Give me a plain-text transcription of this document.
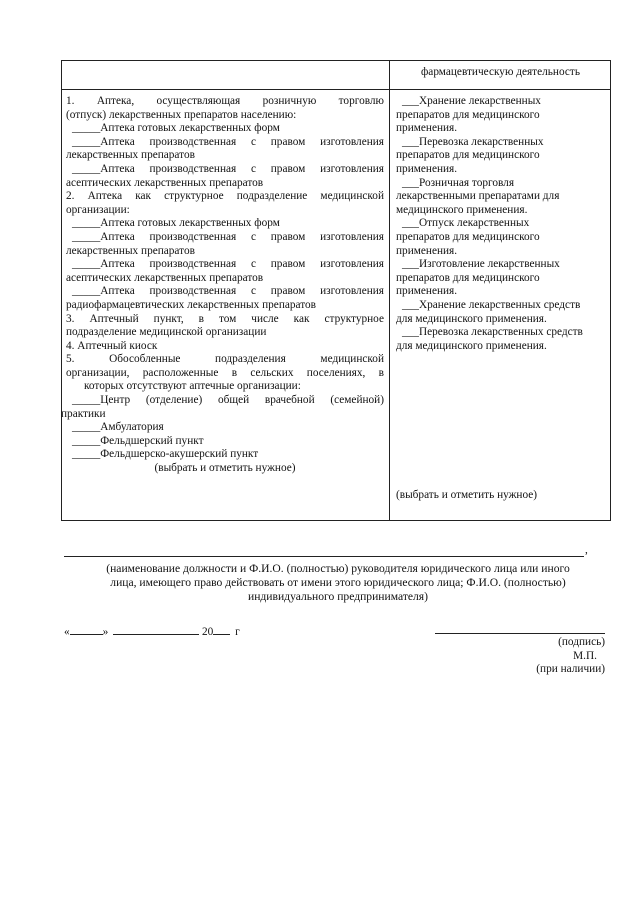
фармацевтическую деятельность
1. Аптека, осуществляющая розничную торговлю
(отпуск) лекарственных препаратов населению:
_____Аптека готовых лекарственных форм
_____Аптека производственная с правом изготовления
лекарственных препаратов
_____Аптека производственная с правом изготовления
асептических лекарственных препаратов
2. Аптека как структурное подразделение медицинской
организации:
_____Аптека готовых лекарственных форм
_____Аптека производственная с правом изготовления
лекарственных препаратов
_____Аптека производственная с правом изготовления
асептических лекарственных препаратов
_____Аптека производственная с правом изготовления
радиофармацевтических лекарственных препаратов
3. Аптечный пункт, в том числе как структурное
подразделение медицинской организации
4. Аптечный киоск
5. Обособленные подразделения медицинской
организации, расположенные в сельских поселениях, в
которых отсутствуют аптечные организации:
_____Центр (отделение) общей врачебной (семейной)
практики
_____Амбулатория
_____Фельдшерский пункт
_____Фельдшерско-акушерский пункт
(выбрать и отметить нужное)
___Хранение лекарственных
препаратов для медицинского
применения.
___Перевозка лекарственных
препаратов для медицинского
применения.
___Розничная торговля
лекарственными препаратами для
медицинского применения.
___Отпуск лекарственных
препаратов для медицинского
применения.
___Изготовление лекарственных
препаратов для медицинского
применения.
___Хранение лекарственных средств
для медицинского применения.
___Перевозка лекарственных средств
для медицинского применения.
(выбрать и отметить нужное)
,
(наименование должности и Ф.И.О. (полностью) руководителя юридического лица или иного
лица, имеющего право действовать от имени этого юридического лица; Ф.И.О. (полностью)
индивидуального предпринимателя)
«	»	20 г
(подпись)
М.П.
(при наличии)
